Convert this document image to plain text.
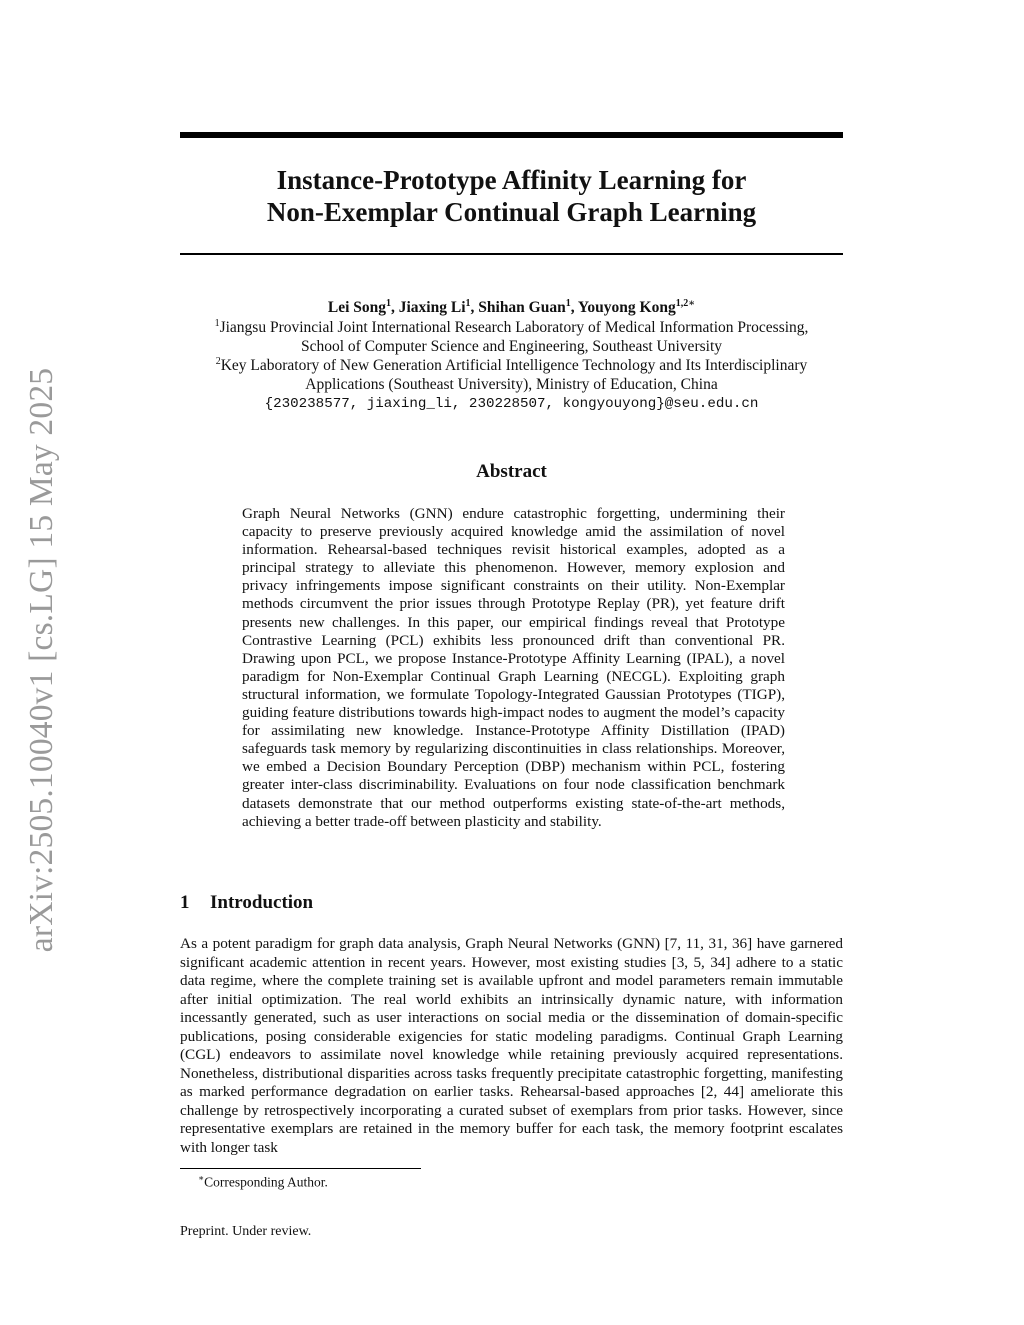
arXiv:2505.10040v1 [cs.LG] 15 May 2025
Instance-Prototype Affinity Learning for
Non-Exemplar Continual Graph Learning
Lei Song$^1$, Jiaxing Li$^1$, Shihan Guan$^1$, Youyong Kong$^{1,2∗}$
$^1$Jiangsu Provincial Joint International Research Laboratory of Medical Information Processing,
School of Computer Science and Engineering, Southeast University
$^2$Key Laboratory of New Generation Artificial Intelligence Technology and Its Interdisciplinary
Applications (Southeast University), Ministry of Education, China
{230238577, jiaxing_li, 230228507, kongyouyong}@seu.edu.cn
Abstract
Graph Neural Networks (GNN) endure catastrophic forgetting, undermining their capacity to preserve previously acquired knowledge amid the assimilation of novel information. Rehearsal-based techniques revisit historical examples, adopted as a principal strategy to alleviate this phenomenon. However, memory explosion and privacy infringements impose significant constraints on their utility. Non-Exemplar methods circumvent the prior issues through Prototype Replay (PR), yet feature drift presents new challenges. In this paper, our empirical findings reveal that Prototype Contrastive Learning (PCL) exhibits less pronounced drift than conventional PR. Drawing upon PCL, we propose Instance-Prototype Affinity Learning (IPAL), a novel paradigm for Non-Exemplar Continual Graph Learning (NECGL). Exploiting graph structural information, we formulate Topology-Integrated Gaussian Prototypes (TIGP), guiding feature distributions towards high-impact nodes to augment the model’s capacity for assimilating new knowledge. Instance-Prototype Affinity Distillation (IPAD) safeguards task memory by regularizing discontinuities in class relationships. Moreover, we embed a Decision Boundary Perception (DBP) mechanism within PCL, fostering greater inter-class discriminability. Evaluations on four node classification benchmark datasets demonstrate that our method outperforms existing state-of-the-art methods, achieving a better trade-off between plasticity and stability.
1 Introduction
As a potent paradigm for graph data analysis, Graph Neural Networks (GNN) [7, 11, 31, 36] have garnered significant academic attention in recent years. However, most existing studies [3, 5, 34] adhere to a static data regime, where the complete training set is available upfront and model parameters remain immutable after initial optimization. The real world exhibits an intrinsically dynamic nature, with information incessantly generated, such as user interactions on social media or the dissemination of domain-specific publications, posing considerable exigencies for static modeling paradigms. Continual Graph Learning (CGL) endeavors to assimilate novel knowledge while retaining previously acquired representations. Nonetheless, distributional disparities across tasks frequently precipitate catastrophic forgetting, manifesting as marked performance degradation on earlier tasks. Rehearsal-based approaches [2, 44] ameliorate this challenge by retrospectively incorporating a curated subset of exemplars from prior tasks. However, since representative exemplars are retained in the memory buffer for each task, the memory footprint escalates with longer task
∗Corresponding Author.
Preprint. Under review.
